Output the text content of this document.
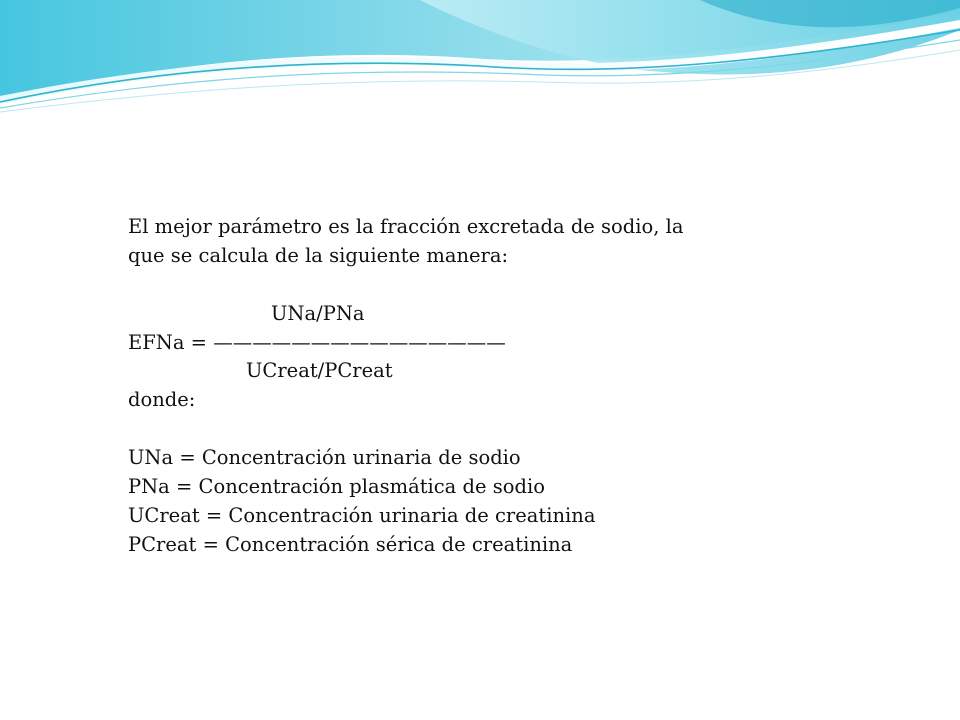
El mejor parámetro es la fracción excretada de sodio, la
que se calcula de la siguiente manera:
UNa/PNa
EFNa = ———————————————
UCreat/PCreat
donde:
UNa = Concentración urinaria de sodio
PNa = Concentración plasmática de sodio
UCreat = Concentración urinaria de creatinina
PCreat = Concentración sérica de creatinina
